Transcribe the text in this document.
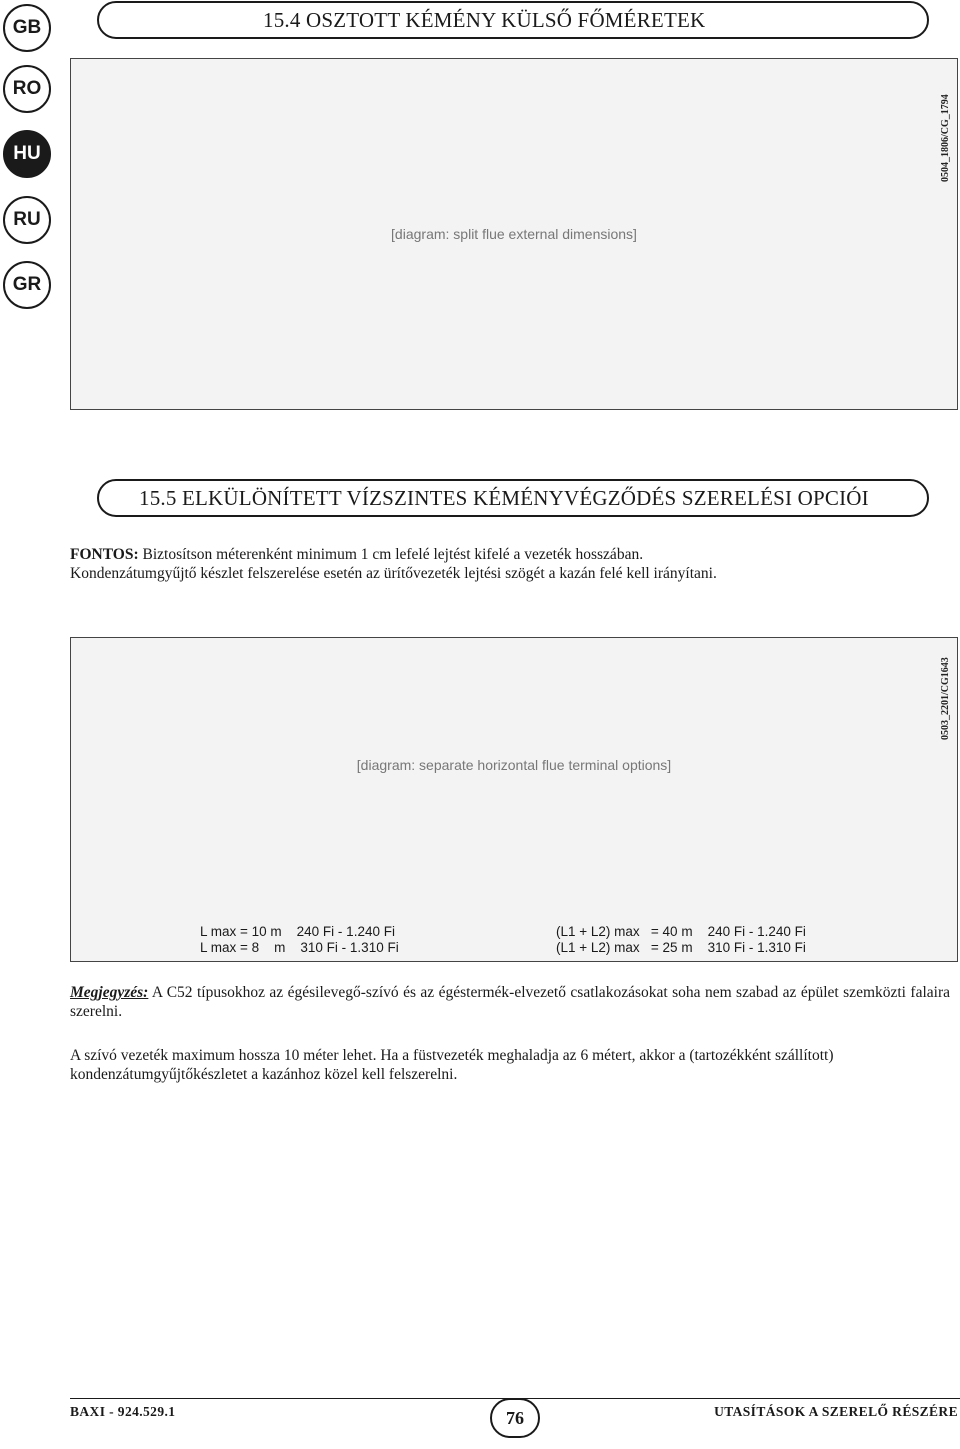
GB
RO
HU
RU
GR
15.4 OSZTOTT KÉMÉNY KÜLSŐ FŐMÉRETEK
[diagram: split flue external dimensions]
0504_1806/CG_1794
15.5 ELKÜLÖNÍTETT VÍZSZINTES KÉMÉNYVÉGZŐDÉS SZERELÉSI OPCIÓI
FONTOS: Biztosítson méterenként minimum 1 cm lefelé lejtést kifelé a vezeték hosszában.
Kondenzátumgyűjtő készlet felszerelése esetén az ürítővezeték lejtési szögét a kazán felé kell irányítani.
[diagram: separate horizontal flue terminal options]
0503_2201/CG1643
L max = 10 m    240 Fi - 1.240 Fi
L max = 8    m    310 Fi - 1.310 Fi
(L1 + L2) max   = 40 m    240 Fi - 1.240 Fi
(L1 + L2) max   = 25 m    310 Fi - 1.310 Fi
Megjegyzés: A C52 típusokhoz az égésilevegő-szívó és az égéstermék-elvezető csatlakozásokat soha nem szabad az épület szemközti falaira szerelni.
A szívó vezeték maximum hossza 10 méter lehet. Ha a füstvezeték meghaladja az 6 métert, akkor a (tartozékként szállított) kondenzátumgyűjtőkészletet a kazánhoz közel kell felszerelni.
BAXI - 924.529.1	76	UTASÍTÁSOK A SZERELŐ RÉSZÉRE
